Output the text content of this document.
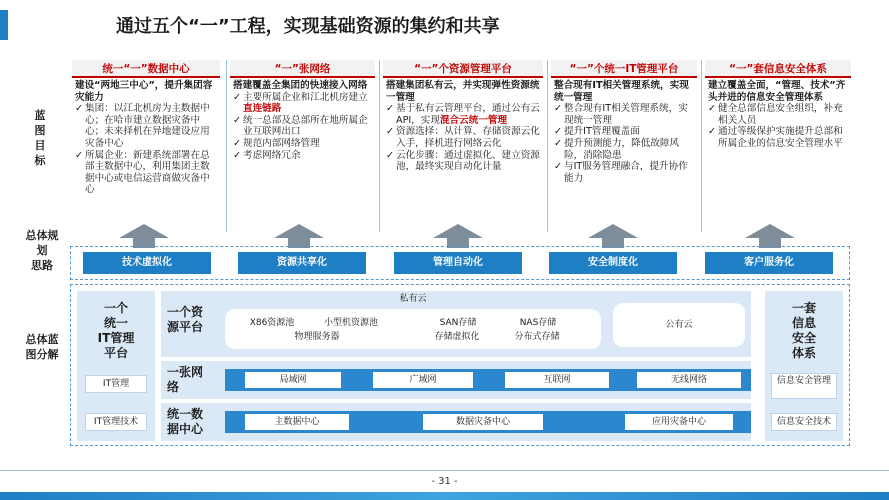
通过五个“一”工程，实现基础资源的集约和共享
蓝
图
目
标
总体规
划
思路
总体蓝
图分解
统一“一”数据中心
建设“两地三中心”，提升集团容灾能力
✓ 集团：以江北机房为主数据中心；在哈市建立数据灾备中心；未来择机在异地建设应用灾备中心
✓ 所属企业：新建系统部署在总部主数据中心，利用集团主数据中心或电信运营商做灾备中心
“一”张网络
搭建覆盖全集团的快速接入网络
✓ 主要所属企业和江北机房建立直连链路
✓ 统一总部及总部所在地所属企业互联网出口
✓ 规范内部网络管理
✓ 考虑网络冗余
“一”个资源管理平台
搭建集团私有云，并实现弹性资源统一管理
✓ 基于私有云管理平台，通过公有云API，实现混合云统一管理
✓ 资源选择：从计算、存储资源云化入手，择机进行网络云化
✓ 云化步骤：通过虚拟化、建立资源池，最终实现自动化计量
“一”个统一IT管理平台
整合现有IT相关管理系统，实现统一管理
✓ 整合现有IT相关管理系统，实现统一管理
✓ 提升IT管理覆盖面
✓ 提升预测能力，降低故障风险，消除隐患
✓ 与IT服务管理融合，提升协作能力
“一”套信息安全体系
建立覆盖全面，“管理、技术”齐头并进的信息安全管理体系
✓ 健全总部信息安全组织，补充相关人员
✓ 通过等级保护实施提升总部和所属企业的信息安全管理水平
技术虚拟化	资源共享化	管理自动化	安全制度化	客户服务化
一个
统一
IT管理
平台
IT管理
IT管理技术
一个资
源平台
私有云
X86资源池	小型机资源池
物理服务器
SAN存储	NAS存储
存储虚拟化	分布式存储
公有云
一张网
络	局域网	广域网	互联网	无线网络
统一数
据中心	主数据中心	数据灾备中心	应用灾备中心
一套
信息
安全
体系
信息安全管理
信息安全技术
- 31 -
